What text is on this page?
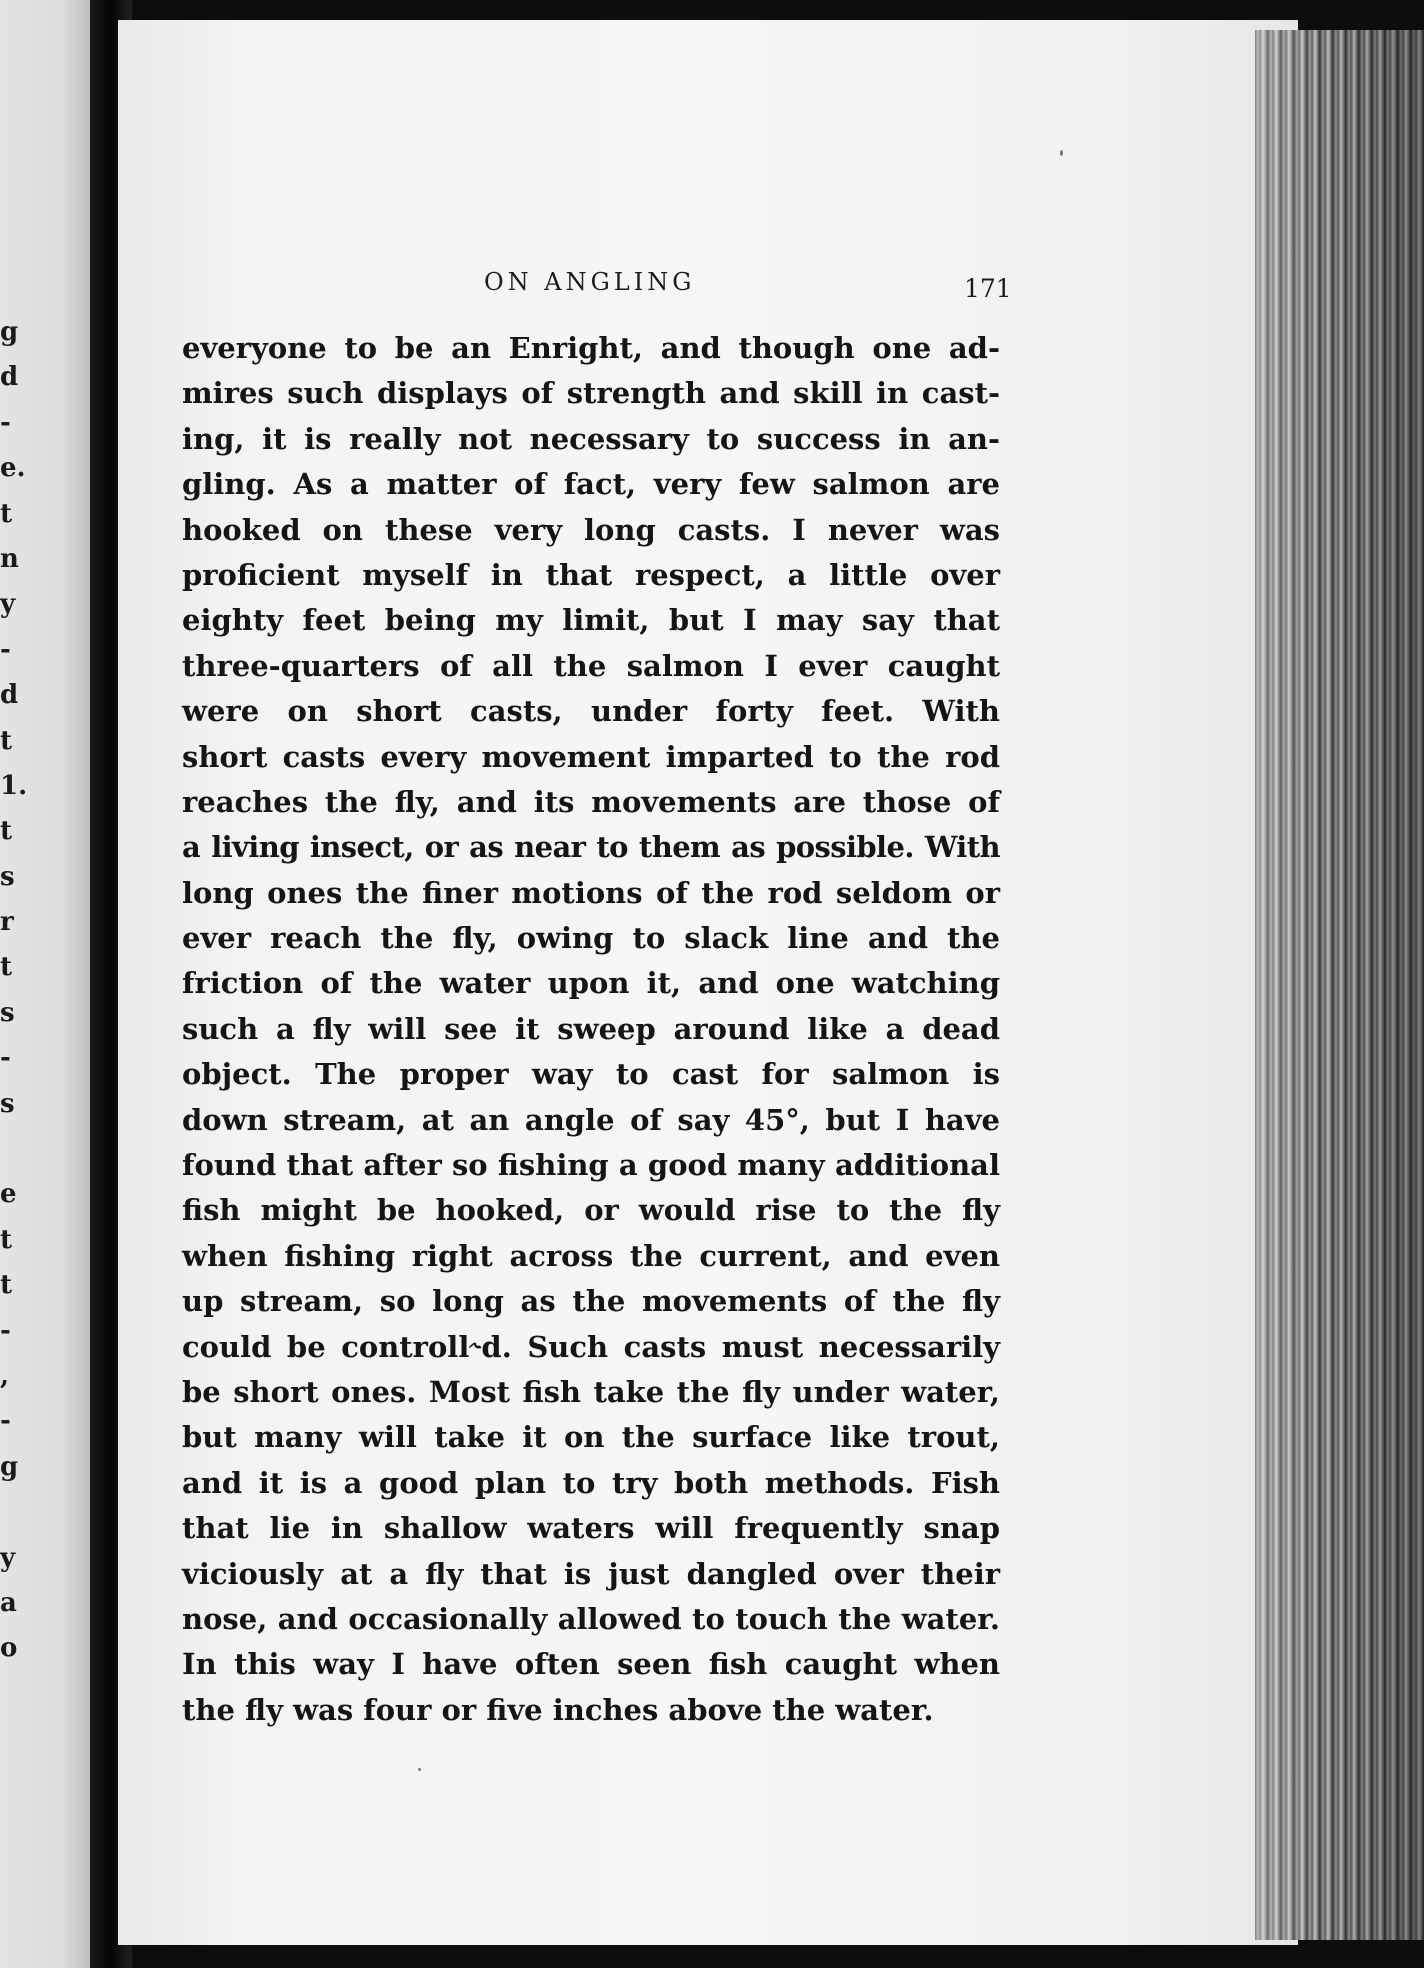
g
d
-
e.
t
n
y
-
d
t
1.
t
s
r
t
s
-
s
e
t
t
-
,
-
g
y
a
o
ON ANGLING	171
everyone to be an Enright, and though one ad-
mires such displays of strength and skill in cast-
ing, it is really not necessary to success in an-
gling. As a matter of fact, very few salmon are
hooked on these very long casts. I never was
proficient myself in that respect, a little over
eighty feet being my limit, but I may say that
three-quarters of all the salmon I ever caught
were on short casts, under forty feet. With
short casts every movement imparted to the rod
reaches the fly, and its movements are those of
a living insect, or as near to them as possible. With
long ones the finer motions of the rod seldom or
ever reach the fly, owing to slack line and the
friction of the water upon it, and one watching
such a fly will see it sweep around like a dead
object. The proper way to cast for salmon is
down stream, at an angle of say 45°, but I have
found that after so fishing a good many additional
fish might be hooked, or would rise to the fly
when fishing right across the current, and even
up stream, so long as the movements of the fly
could be controll˞d. Such casts must necessarily
be short ones. Most fish take the fly under water,
but many will take it on the surface like trout,
and it is a good plan to try both methods. Fish
that lie in shallow waters will frequently snap
viciously at a fly that is just dangled over their
nose, and occasionally allowed to touch the water.
In this way I have often seen fish caught when
the fly was four or five inches above the water.
